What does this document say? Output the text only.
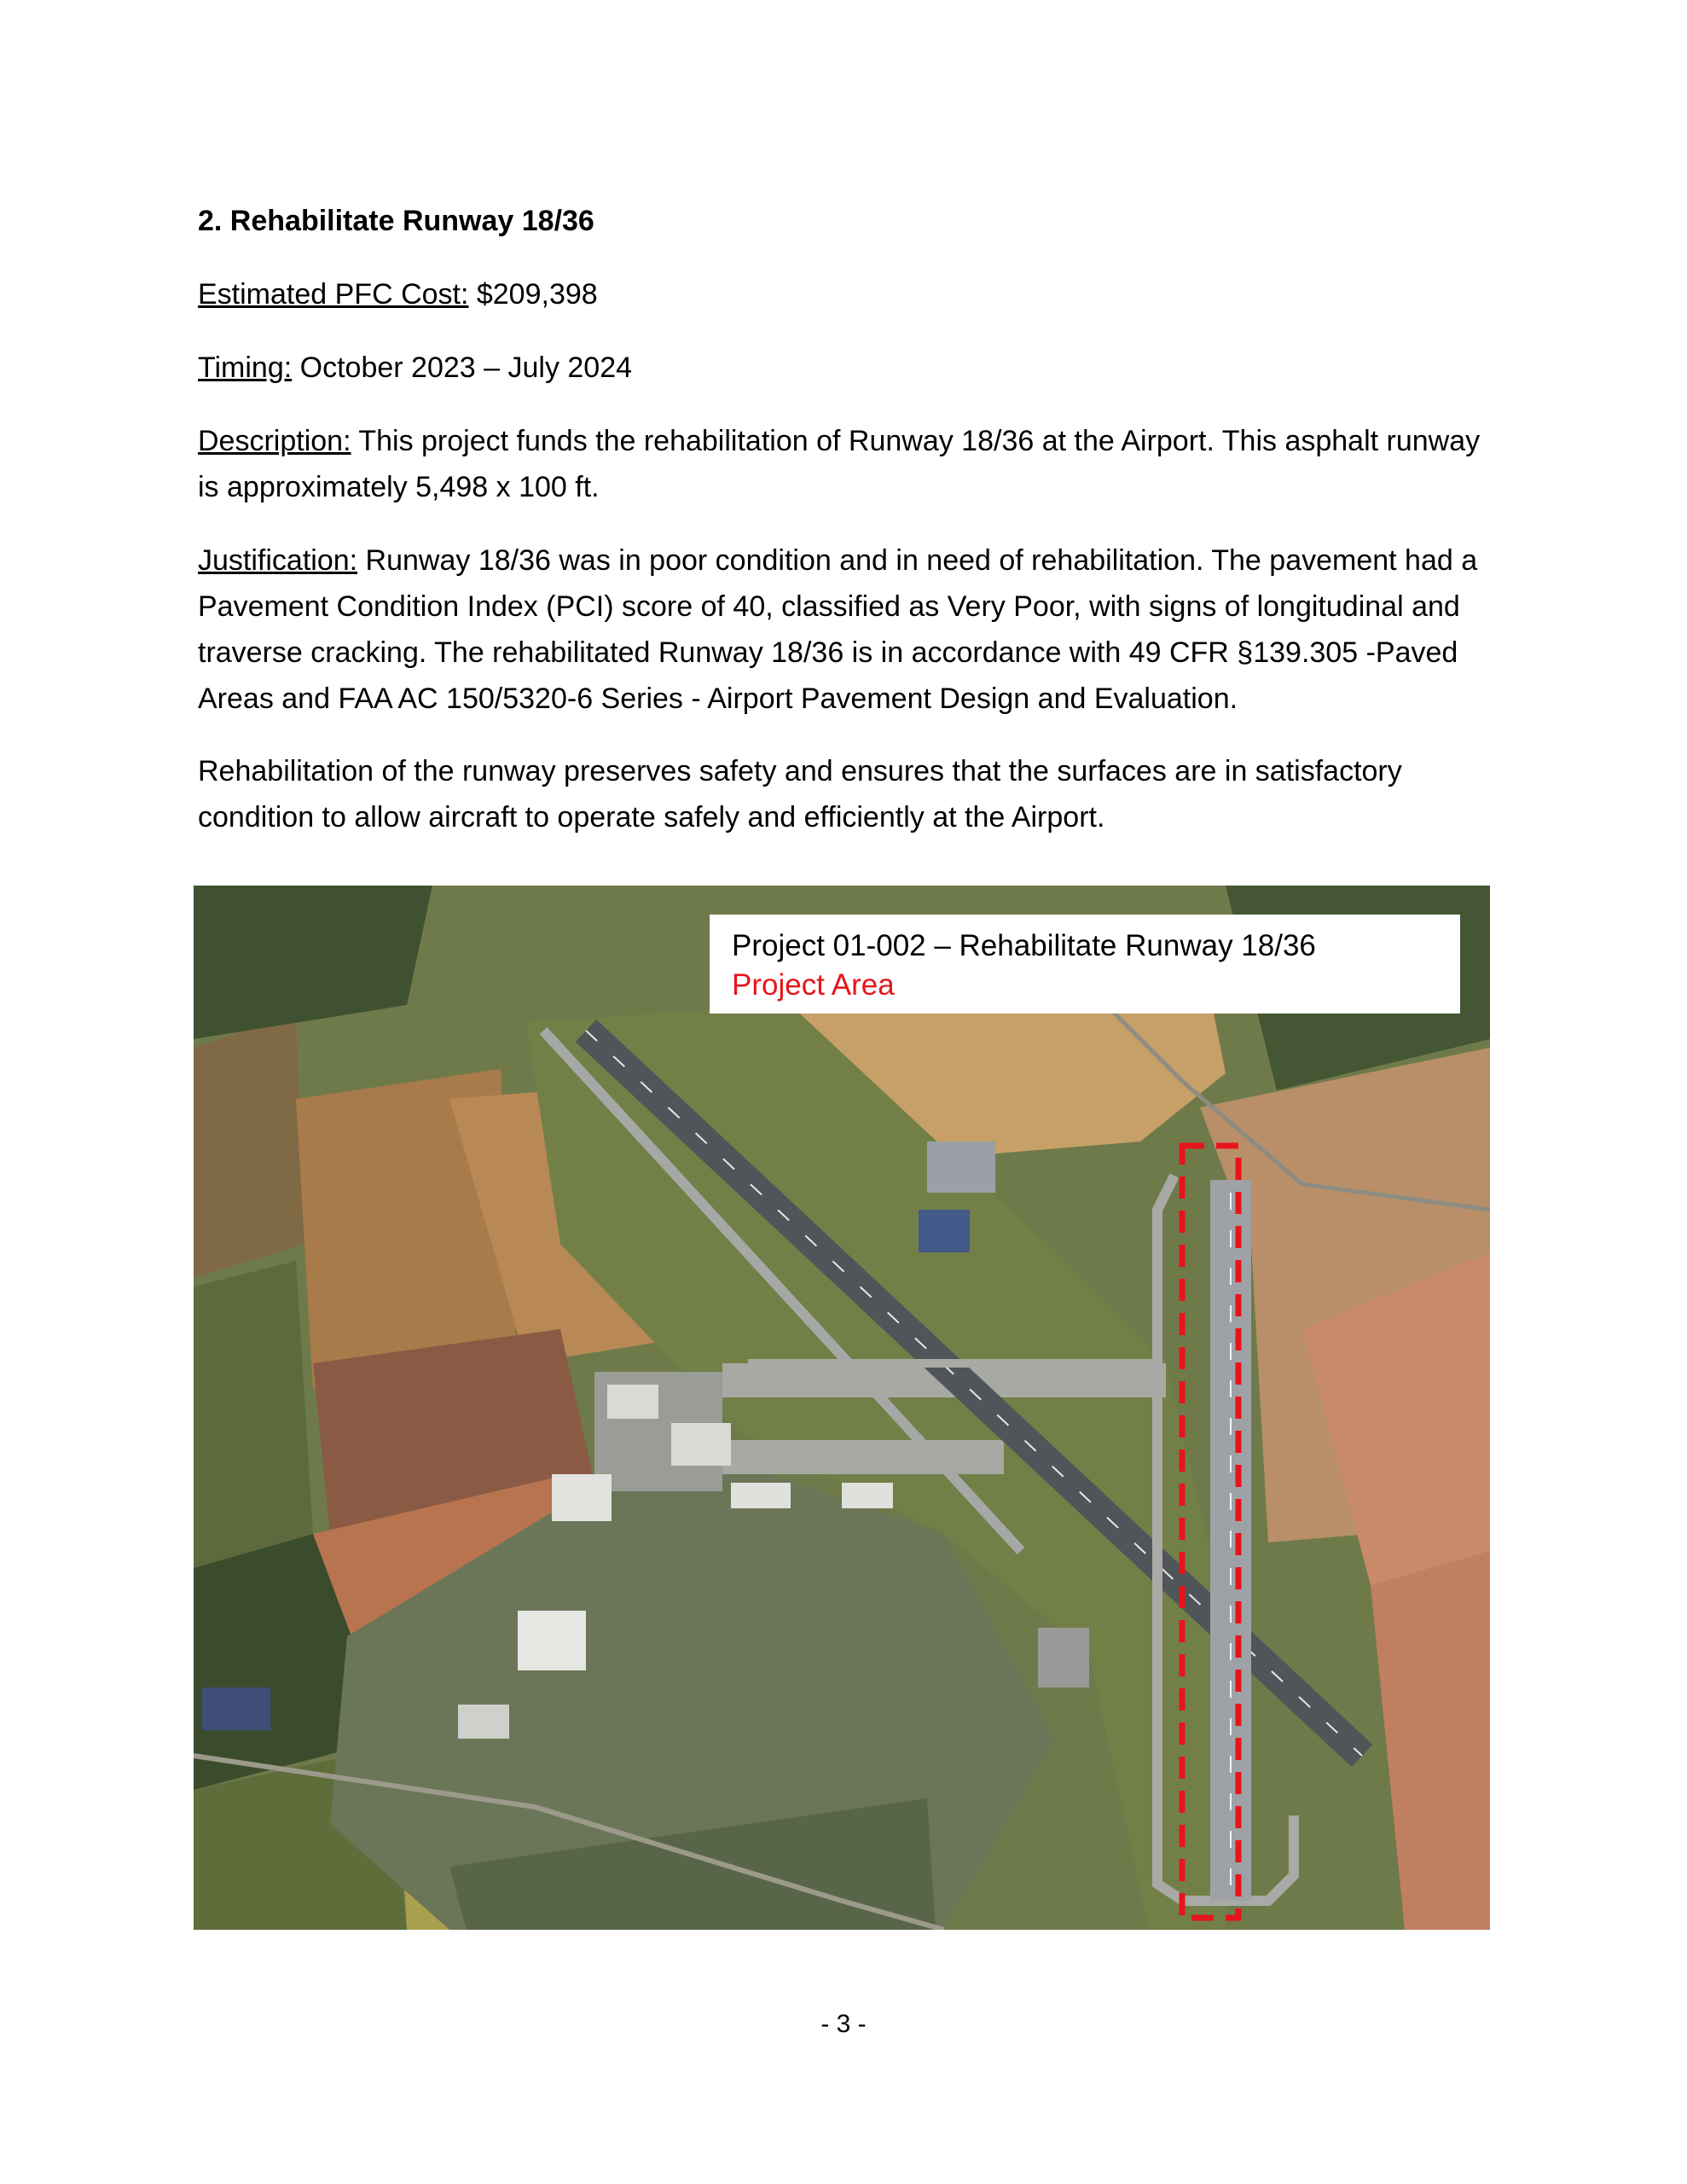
2. Rehabilitate Runway 18/36
Estimated PFC Cost: $209,398
Timing: October 2023 – July 2024
Description: This project funds the rehabilitation of Runway 18/36 at the Airport. This asphalt runway is approximately 5,498 x 100 ft.
Justification: Runway 18/36 was in poor condition and in need of rehabilitation. The pavement had a Pavement Condition Index (PCI) score of 40, classified as Very Poor, with signs of longitudinal and traverse cracking. The rehabilitated Runway 18/36 is in accordance with 49 CFR §139.305 -Paved Areas and FAA AC 150/5320-6 Series - Airport Pavement Design and Evaluation.
Rehabilitation of the runway preserves safety and ensures that the surfaces are in satisfactory condition to allow aircraft to operate safely and efficiently at the Airport.
Project 01-002 – Rehabilitate Runway 18/36
Project Area
- 3 -
